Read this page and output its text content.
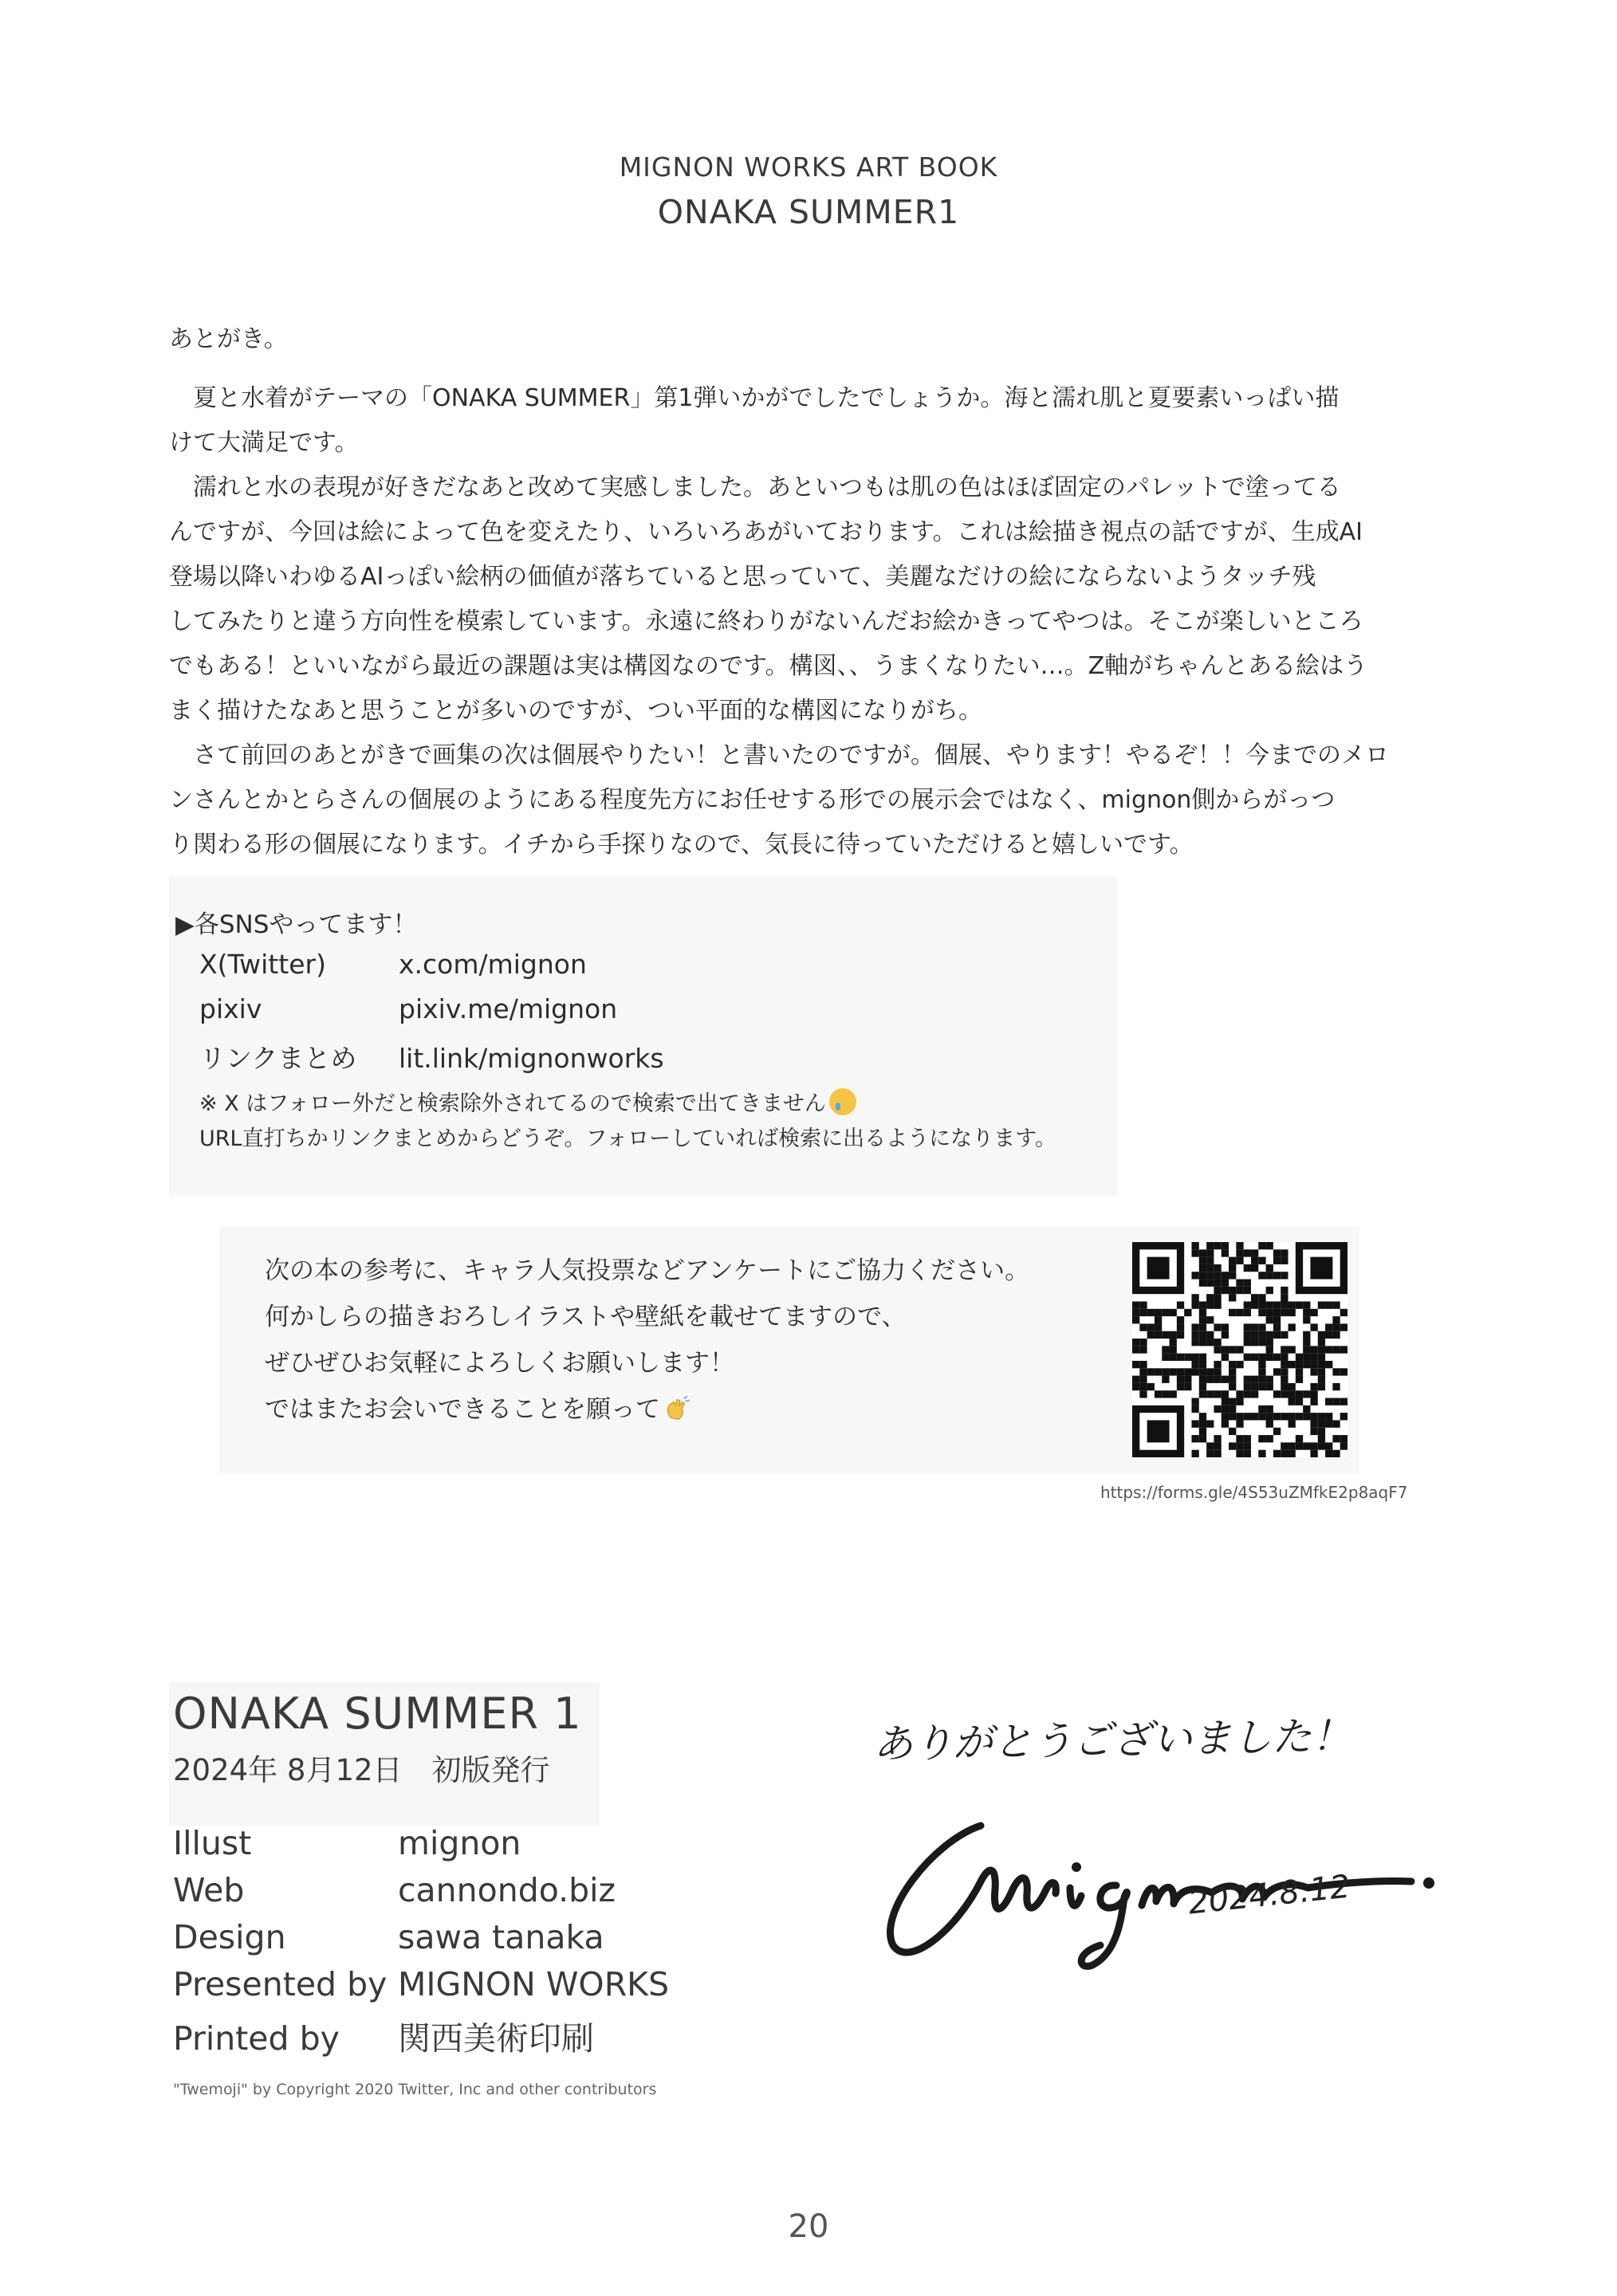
MIGNON WORKS ART BOOK
ONAKA SUMMER1

あとがき。

　夏と水着がテーマの「ONAKA SUMMER」第1弾いかがでしたでしょうか。海と濡れ肌と夏要素いっぱい描

けて大満足です。

　濡れと水の表現が好きだなあと改めて実感しました。あといつもは肌の色はほぼ固定のパレットで塗ってる

んですが、今回は絵によって色を変えたり、いろいろあがいております。これは絵描き視点の話ですが、生成AI

登場以降いわゆるAIっぽい絵柄の価値が落ちていると思っていて、美麗なだけの絵にならないようタッチ残

してみたりと違う方向性を模索しています。永遠に終わりがないんだお絵かきってやつは。そこが楽しいところ

でもある！といいながら最近の課題は実は構図なのです。構図、、うまくなりたい…。Z軸がちゃんとある絵はう

まく描けたなあと思うことが多いのですが、つい平面的な構図になりがち。

　さて前回のあとがきで画集の次は個展やりたい！と書いたのですが。個展、やります！やるぞ！！今までのメロ

ンさんとかとらさんの個展のようにある程度先方にお任せする形での展示会ではなく、mignon側からがっつ

り関わる形の個展になります。イチから手探りなので、気長に待っていただけると嬉しいです。

▶各SNSやってます！
X(Twitter)	x.com/mignon
pixiv	pixiv.me/mignon
リンクまとめ lit.link/mignonworks
※ X はフォロー外だと検索除外されてるので検索で出てきません
URL直打ちかリンクまとめからどうぞ。フォローしていれば検索に出るようになります。
次の本の参考に、キャラ人気投票などアンケートにご協力ください。
何かしらの描きおろしイラストや壁紙を載せてますので、
ぜひぜひお気軽によろしくお願いします！
ではまたお会いできることを願って
https://forms.gle/4S53uZMfkE2p8aqF7
ONAKA SUMMER 1
2024年 8月12日　初版発行
Illust	mignon
Web	cannondo.biz
Design	sawa tanaka
Presented by MIGNON WORKS
Printed by 関西美術印刷
"Twemoji" by Copyright 2020 Twitter, Inc and other contributors
ありがとうございました！
2024.8.12
20
